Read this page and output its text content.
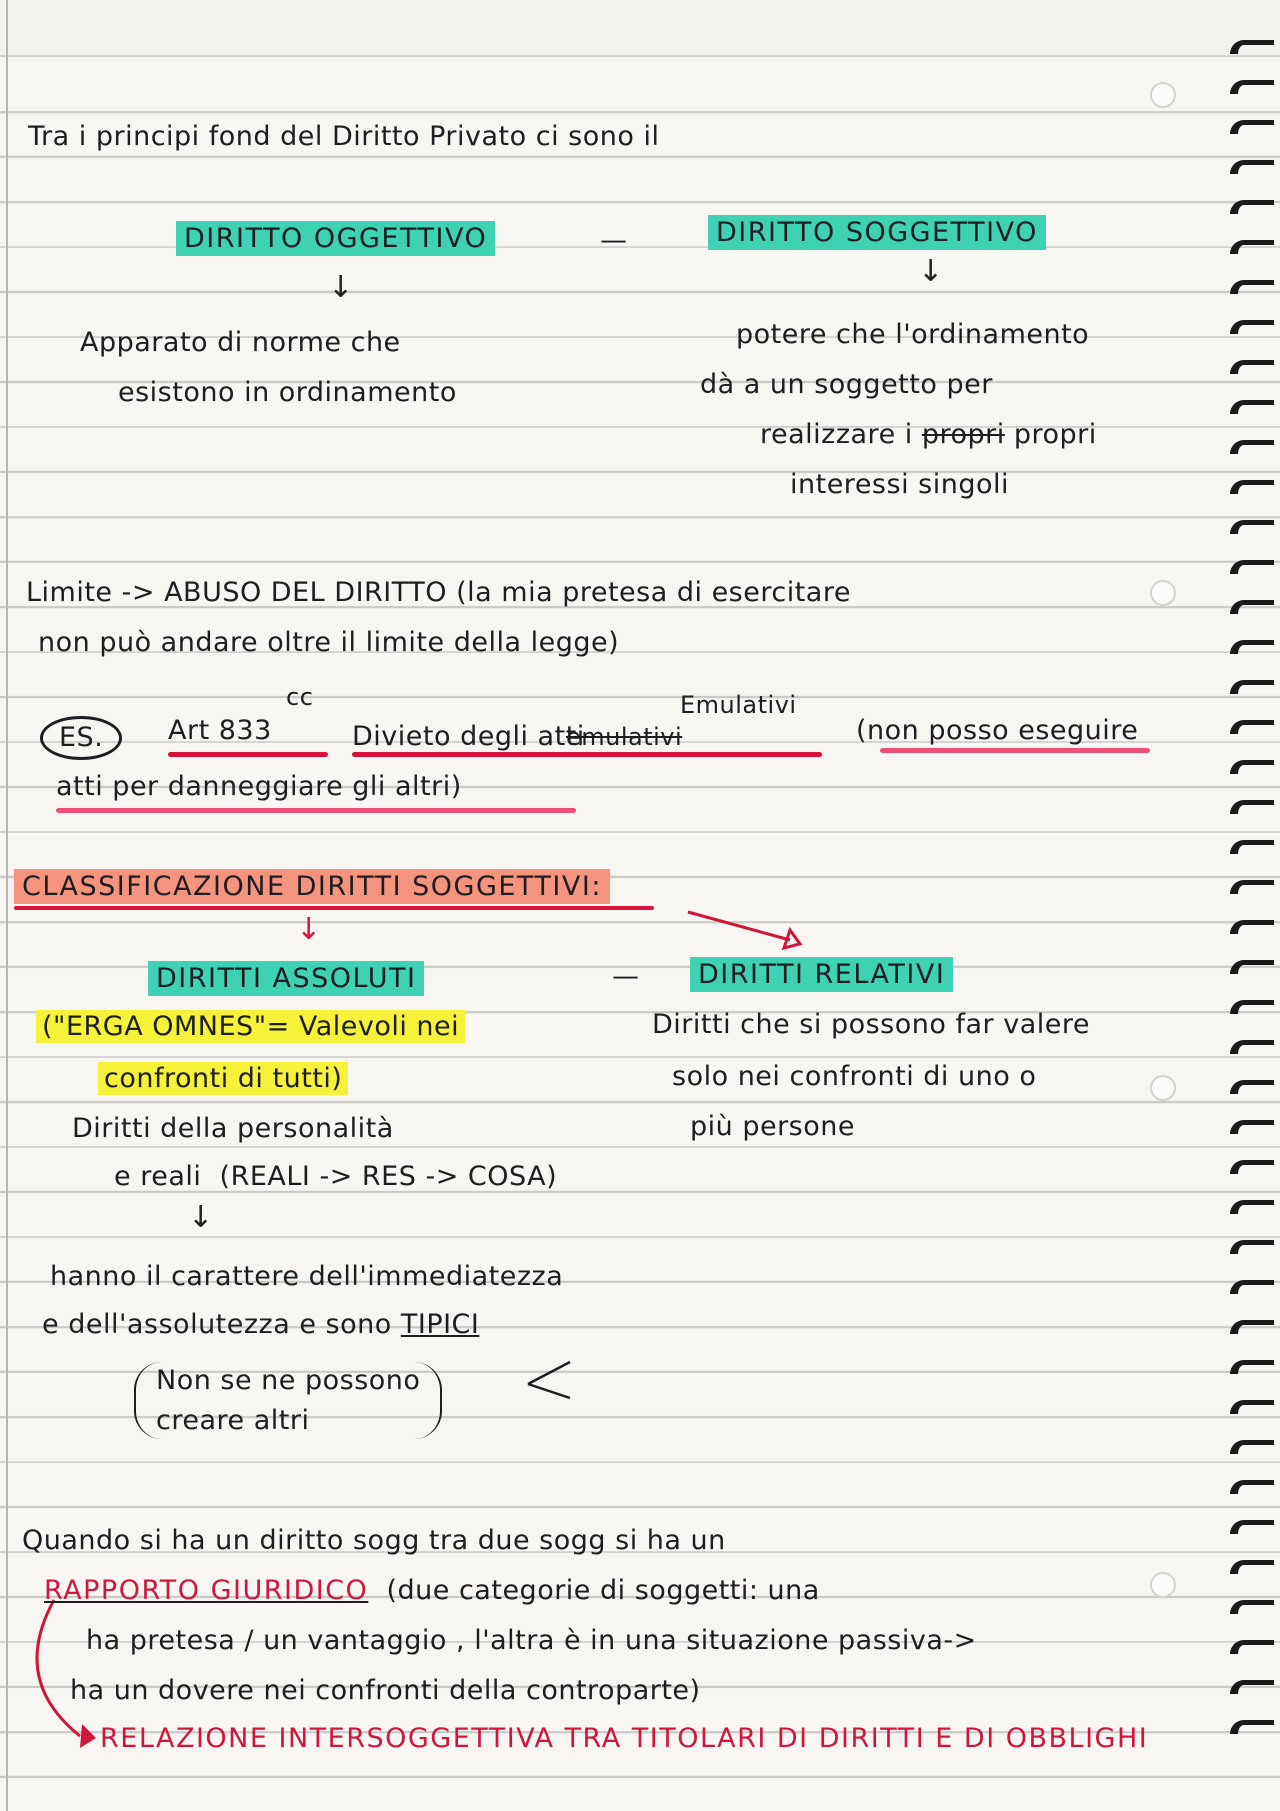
Tra i principi fond del Diritto Privato ci sono il
DIRITTO OGGETTIVO	—	DIRITTO SOGGETTIVO
↓	↓
Apparato di norme che
esistono in ordinamento
potere che l'ordinamento
dà a un soggetto per
realizzare i propri propri
interessi singoli
Limite -> ABUSO DEL DIRITTO (la mia pretesa di esercitare
non può andare oltre il limite della legge)
ES.	Art 833
cc
Divieto degli atti
emulativi
Emulativi
(non posso eseguire
atti per danneggiare gli altri)
CLASSIFICAZIONE DIRITTI SOGGETTIVI:
↓
DIRITTI ASSOLUTI	— DIRITTI RELATIVI
("ERGA OMNES"= Valevoli nei
confronti di tutti)
Diritti della personalità
e reali (REALI -> RES -> COSA)
↓
Diritti che si possono far valere
solo nei confronti di uno o
più persone
hanno il carattere dell'immediatezza
e dell'assolutezza e sono TIPICI
Non se ne possono
creare altri
Quando si ha un diritto sogg tra due sogg si ha un
RAPPORTO GIURIDICO (due categorie di soggetti: una
ha pretesa / un vantaggio , l'altra è in una situazione passiva->
ha un dovere nei confronti della controparte)
RELAZIONE INTERSOGGETTIVA TRA TITOLARI DI DIRITTI E DI OBBLIGHI
